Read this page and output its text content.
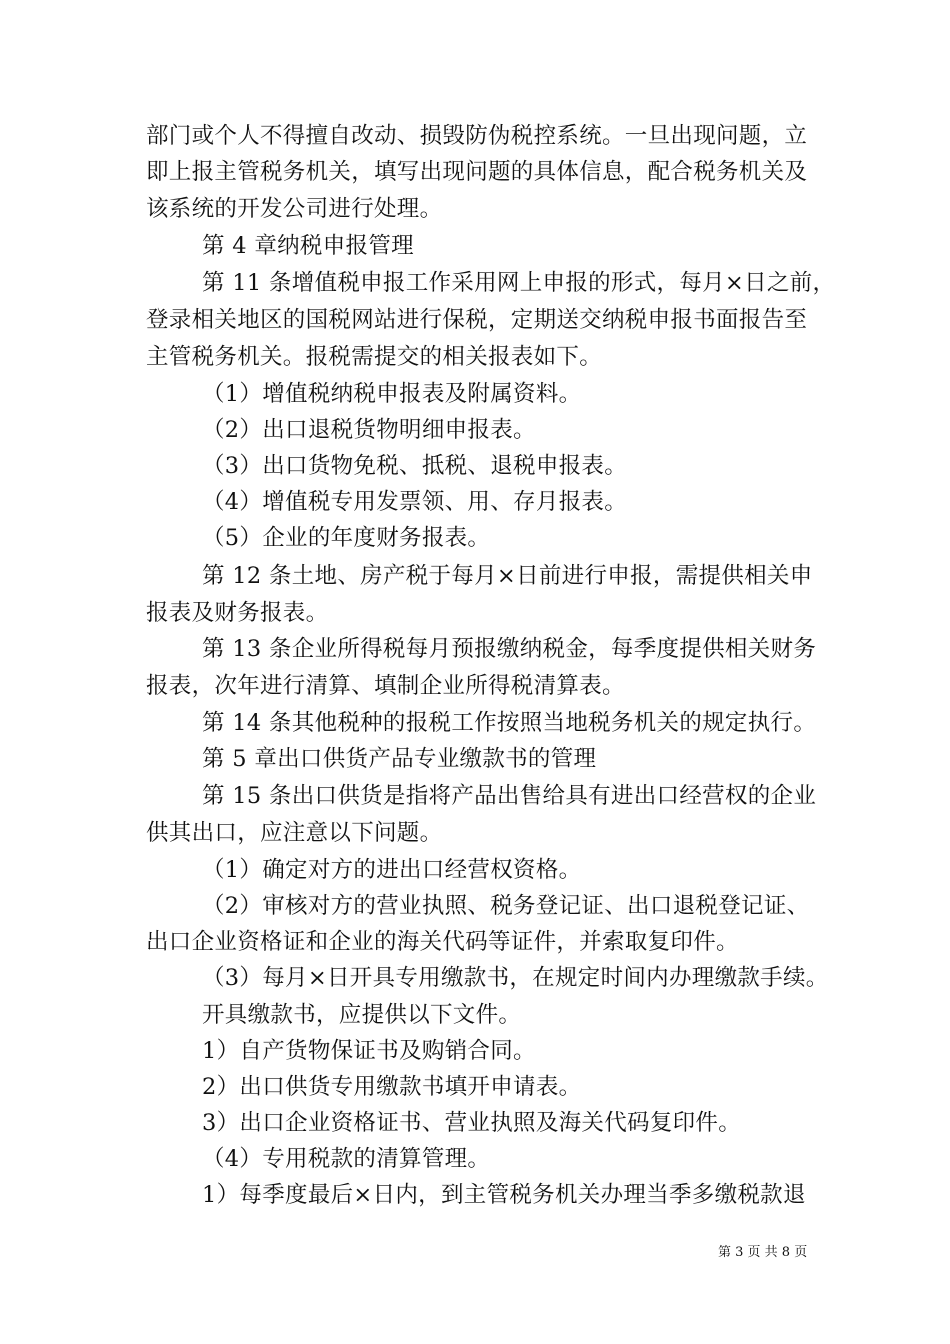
部门或个人不得擅自改动、损毁防伪税控系统。一旦出现问题，立
即上报主管税务机关，填写出现问题的具体信息，配合税务机关及
该系统的开发公司进行处理。
第 4 章纳税申报管理
第 11 条增值税申报工作采用网上申报的形式，每月×日之前，
登录相关地区的国税网站进行保税，定期送交纳税申报书面报告至
主管税务机关。报税需提交的相关报表如下。
（1）增值税纳税申报表及附属资料。
（2）出口退税货物明细申报表。
（3）出口货物免税、抵税、退税申报表。
（4）增值税专用发票领、用、存月报表。
（5）企业的年度财务报表。
第 12 条土地、房产税于每月×日前进行申报，需提供相关申
报表及财务报表。
第 13 条企业所得税每月预报缴纳税金，每季度提供相关财务
报表，次年进行清算、填制企业所得税清算表。
第 14 条其他税种的报税工作按照当地税务机关的规定执行。
第 5 章出口供货产品专业缴款书的管理
第 15 条出口供货是指将产品出售给具有进出口经营权的企业
供其出口，应注意以下问题。
（1）确定对方的进出口经营权资格。
（2）审核对方的营业执照、税务登记证、出口退税登记证、
出口企业资格证和企业的海关代码等证件，并索取复印件。
（3）每月×日开具专用缴款书，在规定时间内办理缴款手续。
开具缴款书，应提供以下文件。
1）自产货物保证书及购销合同。
2）出口供货专用缴款书填开申请表。
3）出口企业资格证书、营业执照及海关代码复印件。
（4）专用税款的清算管理。
1）每季度最后×日内，到主管税务机关办理当季多缴税款退
第 3 页 共 8 页
